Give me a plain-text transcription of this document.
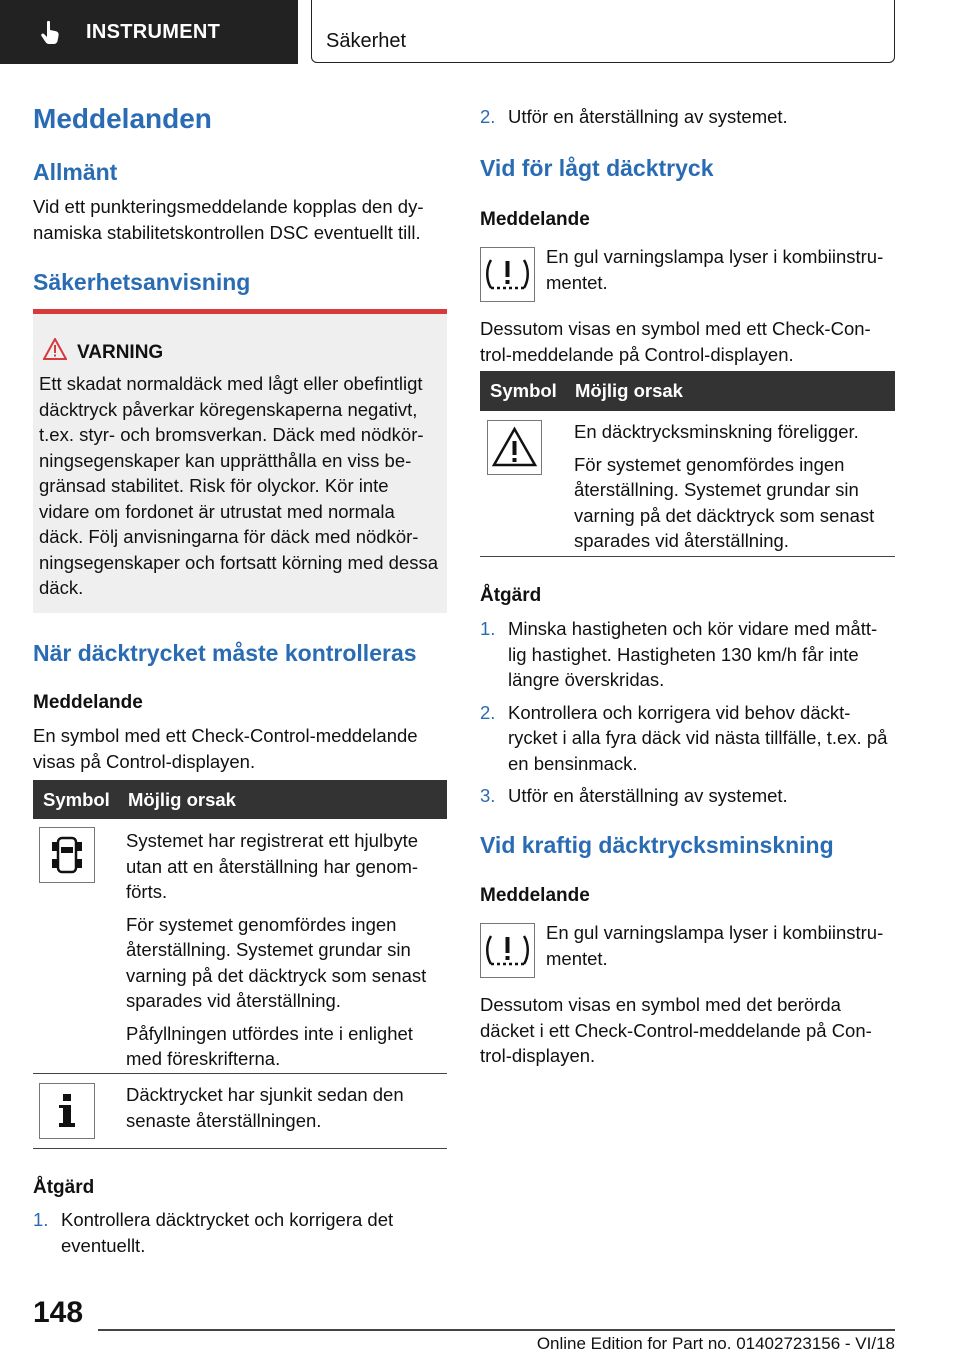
INSTRUMENT	Säkerhet
Meddelanden
Allmänt
Vid ett punkteringsmeddelande kopplas den dy-namiska stabilitetskontrollen DSC eventuellt till.
Säkerhetsanvisning
VARNING
Ett skadat normaldäck med lågt eller obefintligt däcktryck påverkar köregenskaperna negativt, t.ex. styr- och bromsverkan. Däck med nödkör-ningsegenskaper kan upprätthålla en viss be-gränsad stabilitet. Risk för olyckor. Kör inte vidare om fordonet är utrustat med normala däck. Följ anvisningarna för däck med nödkör-ningsegenskaper och fortsatt körning med dessa däck.
När däcktrycket måste kontrolleras
Meddelande
En symbol med ett Check-Control-meddelande visas på Control-displayen.
Symbol Möjlig orsak

Systemet har registrerat ett hjulbyte utan att en återställning har genom-förts.

För systemet genomfördes ingen återställning. Systemet grundar sin varning på det däcktryck som senast sparades vid återställning.

Påfyllningen utfördes inte i enlighet med föreskrifterna.

Däcktrycket har sjunkit sedan den senaste återställningen.

Åtgärd
1. Kontrollera däcktrycket och korrigera det eventuellt.
2. Utför en återställning av systemet.
Vid för lågt däcktryck
Meddelande
En gul varningslampa lyser i kombiinstru-mentet.
Dessutom visas en symbol med ett Check-Con-trol-meddelande på Control-displayen.
Symbol Möjlig orsak

En däcktrycksminskning föreligger.

För systemet genomfördes ingen återställning. Systemet grundar sin varning på det däcktryck som senast sparades vid återställning.

Åtgärd
1. Minska hastigheten och kör vidare med mått-lig hastighet. Hastigheten 130 km/h får inte längre överskridas.
2. Kontrollera och korrigera vid behov däckt-rycket i alla fyra däck vid nästa tillfälle, t.ex. på en bensinmack.
3. Utför en återställning av systemet.
Vid kraftig däcktrycksminskning
Meddelande
En gul varningslampa lyser i kombiinstru-mentet.
Dessutom visas en symbol med det berörda däcket i ett Check-Control-meddelande på Con-trol-displayen.
148
Online Edition for Part no. 01402723156 - VI/18
